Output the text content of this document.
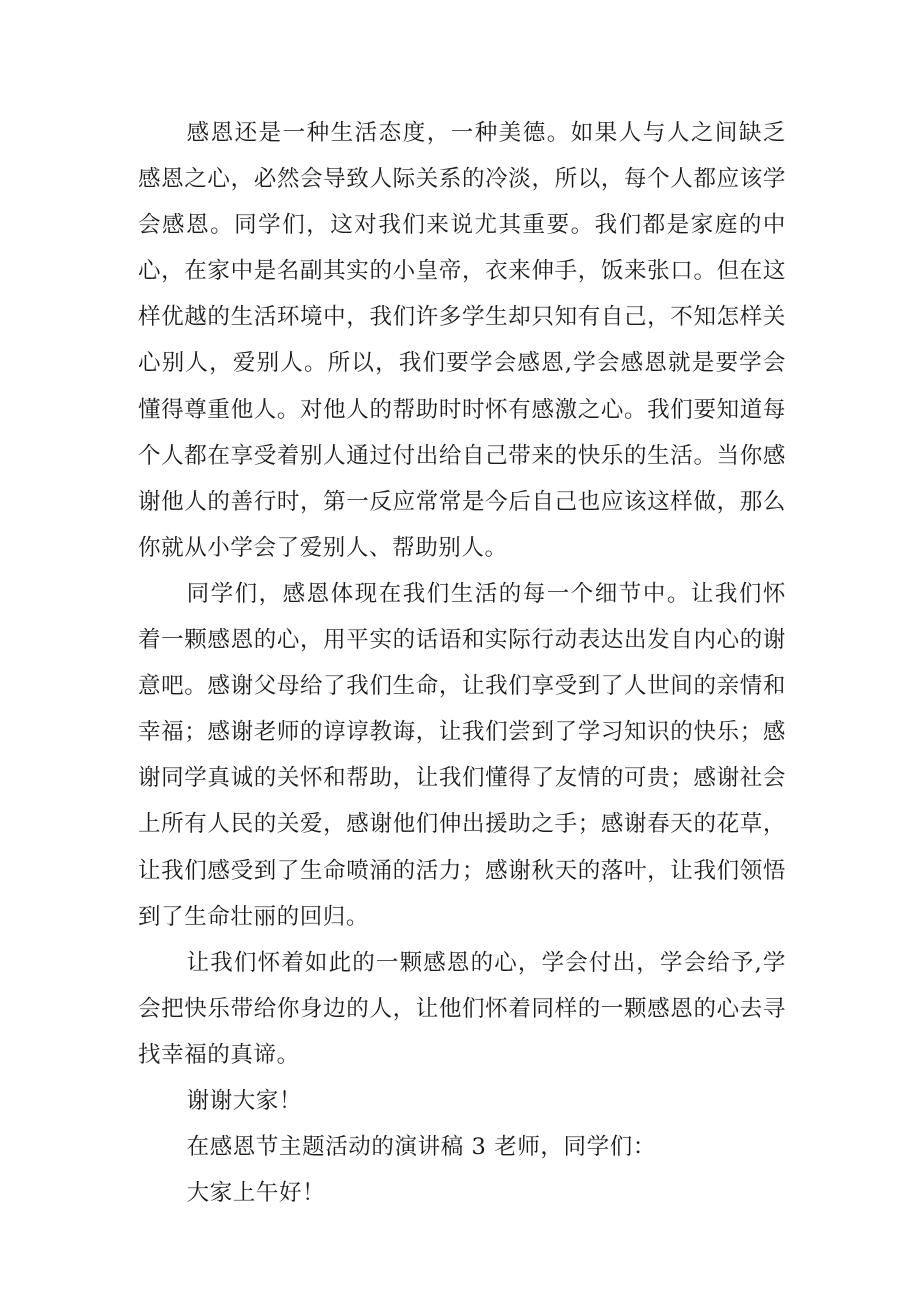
感恩还是一种生活态度，一种美德。如果人与人之间缺乏感恩之心，必然会导致人际关系的冷淡，所以，每个人都应该学会感恩。同学们，这对我们来说尤其重要。我们都是家庭的中心，在家中是名副其实的小皇帝，衣来伸手，饭来张口。但在这样优越的生活环境中，我们许多学生却只知有自己，不知怎样关心别人，爱别人。所以，我们要学会感恩,学会感恩就是要学会懂得尊重他人。对他人的帮助时时怀有感激之心。我们要知道每个人都在享受着别人通过付出给自己带来的快乐的生活。当你感谢他人的善行时，第一反应常常是今后自己也应该这样做，那么你就从小学会了爱别人、帮助别人。

同学们，感恩体现在我们生活的每一个细节中。让我们怀着一颗感恩的心，用平实的话语和实际行动表达出发自内心的谢意吧。感谢父母给了我们生命，让我们享受到了人世间的亲情和幸福；感谢老师的谆谆教诲，让我们尝到了学习知识的快乐；感谢同学真诚的关怀和帮助，让我们懂得了友情的可贵；感谢社会上所有人民的关爱，感谢他们伸出援助之手；感谢春天的花草，让我们感受到了生命喷涌的活力；感谢秋天的落叶，让我们领悟到了生命壮丽的回归。

让我们怀着如此的一颗感恩的心，学会付出，学会给予,学会把快乐带给你身边的人，让他们怀着同样的一颗感恩的心去寻找幸福的真谛。

谢谢大家！

在感恩节主题活动的演讲稿 3 老师，同学们：

大家上午好！
